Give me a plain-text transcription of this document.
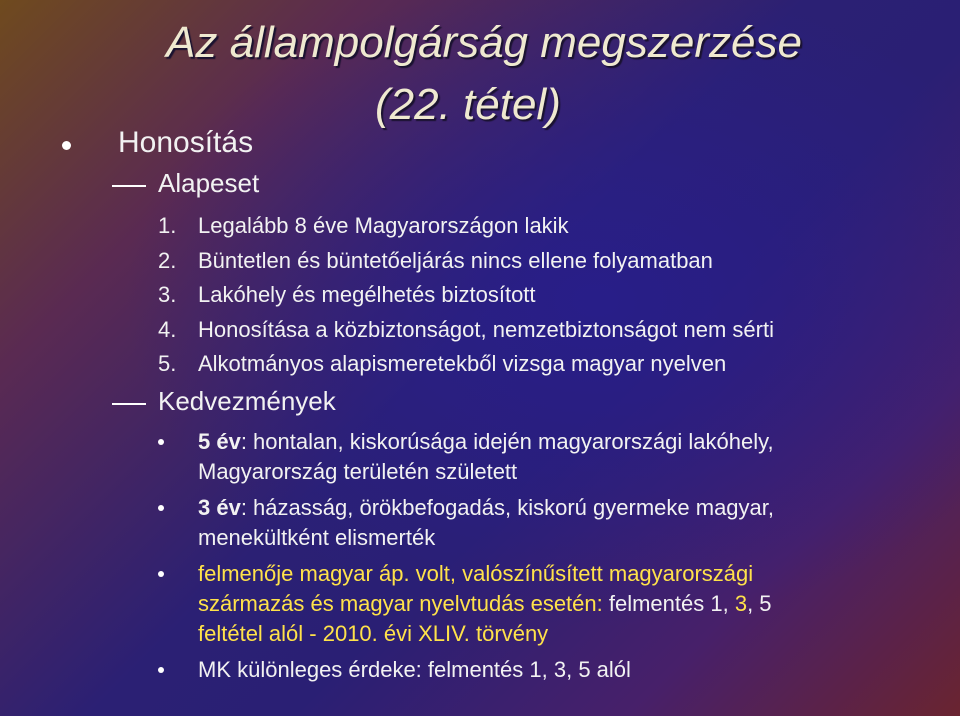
Az állampolgárság megszerzése
(22. tétel)
Honosítás
Alapeset
1. Legalább 8 éve Magyarországon lakik
2. Büntetlen és büntetőeljárás nincs ellene folyamatban
3. Lakóhely és megélhetés biztosított
4. Honosítása a közbiztonságot, nemzetbiztonságot nem sérti
5. Alkotmányos alapismeretekből vizsga magyar nyelven
Kedvezmények
5 év: hontalan, kiskorúsága idején magyarországi lakóhely,
Magyarország területén született
3 év: házasság, örökbefogadás, kiskorú gyermeke magyar,
menekültként elismerték
felmenője magyar áp. volt, valószínűsített magyarországi
származás és magyar nyelvtudás esetén: felmentés 1, 3, 5
feltétel alól - 2010. évi XLIV. törvény
MK különleges érdeke: felmentés 1, 3, 5 alól
